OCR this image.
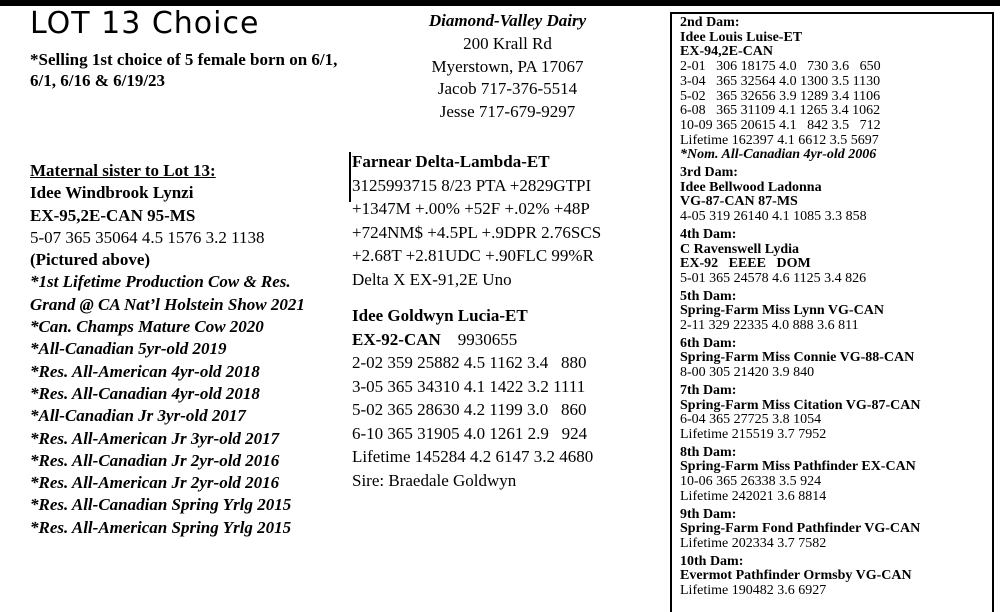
LOT 13 Choice
*Selling 1st choice of 5 female born on 6/1, 6/1, 6/16 & 6/19/23
Diamond-Valley Dairy
200 Krall Rd
Myerstown, PA 17067
Jacob 717-376-5514
Jesse 717-679-9297
Maternal sister to Lot 13:
Idee Windbrook Lynzi
EX-95,2E-CAN 95-MS
5-07 365 35064 4.5 1576 3.2 1138
(Pictured above)
*1st Lifetime Production Cow & Res.
Grand @ CA Nat’l Holstein Show 2021
*Can. Champs Mature Cow 2020
*All-Canadian 5yr-old 2019
*Res. All-American 4yr-old 2018
*Res. All-Canadian 4yr-old 2018
*All-Canadian Jr 3yr-old 2017
*Res. All-American Jr 3yr-old 2017
*Res. All-Canadian Jr 2yr-old 2016
*Res. All-American Jr 2yr-old 2016
*Res. All-Canadian Spring Yrlg 2015
*Res. All-American Spring Yrlg 2015
Farnear Delta-Lambda-ET
3125993715 8/23 PTA +2829GTPI
+1347M +.00% +52F +.02% +48P
+724NM$ +4.5PL +.9DPR 2.76SCS
+2.68T +2.81UDC +.90FLC 99%R
Delta X EX-91,2E Uno
Idee Goldwyn Lucia-ET
EX-92-CAN 9930655
2-02 359 25882 4.5 1162 3.4   880
3-05 365 34310 4.1 1422 3.2 1111
5-02 365 28630 4.2 1199 3.0   860
6-10 365 31905 4.0 1261 2.9   924
Lifetime 145284 4.2 6147 3.2 4680
Sire: Braedale Goldwyn
2nd Dam:
Idee Louis Luise-ET
EX-94,2E-CAN
2-01   306 18175 4.0   730 3.6   650
3-04   365 32564 4.0 1300 3.5 1130
5-02   365 32656 3.9 1289 3.4 1106
6-08   365 31109 4.1 1265 3.4 1062
10-09 365 20615 4.1   842 3.5   712
Lifetime 162397 4.1 6612 3.5 5697
*Nom. All-Canadian 4yr-old 2006
3rd Dam:
Idee Bellwood Ladonna
VG-87-CAN 87-MS
4-05 319 26140 4.1 1085 3.3 858
4th Dam:
C Ravenswell Lydia
EX-92   EEEE   DOM
5-01 365 24578 4.6 1125 3.4 826
5th Dam:
Spring-Farm Miss Lynn VG-CAN
2-11 329 22335 4.0 888 3.6 811
6th Dam:
Spring-Farm Miss Connie VG-88-CAN
8-00 305 21420 3.9 840
7th Dam:
Spring-Farm Miss Citation VG-87-CAN
6-04 365 27725 3.8 1054
Lifetime 215519 3.7 7952
8th Dam:
Spring-Farm Miss Pathfinder EX-CAN
10-06 365 26338 3.5 924
Lifetime 242021 3.6 8814
9th Dam:
Spring-Farm Fond Pathfinder VG-CAN
Lifetime 202334 3.7 7582
10th Dam:
Evermot Pathfinder Ormsby VG-CAN
Lifetime 190482 3.6 6927
